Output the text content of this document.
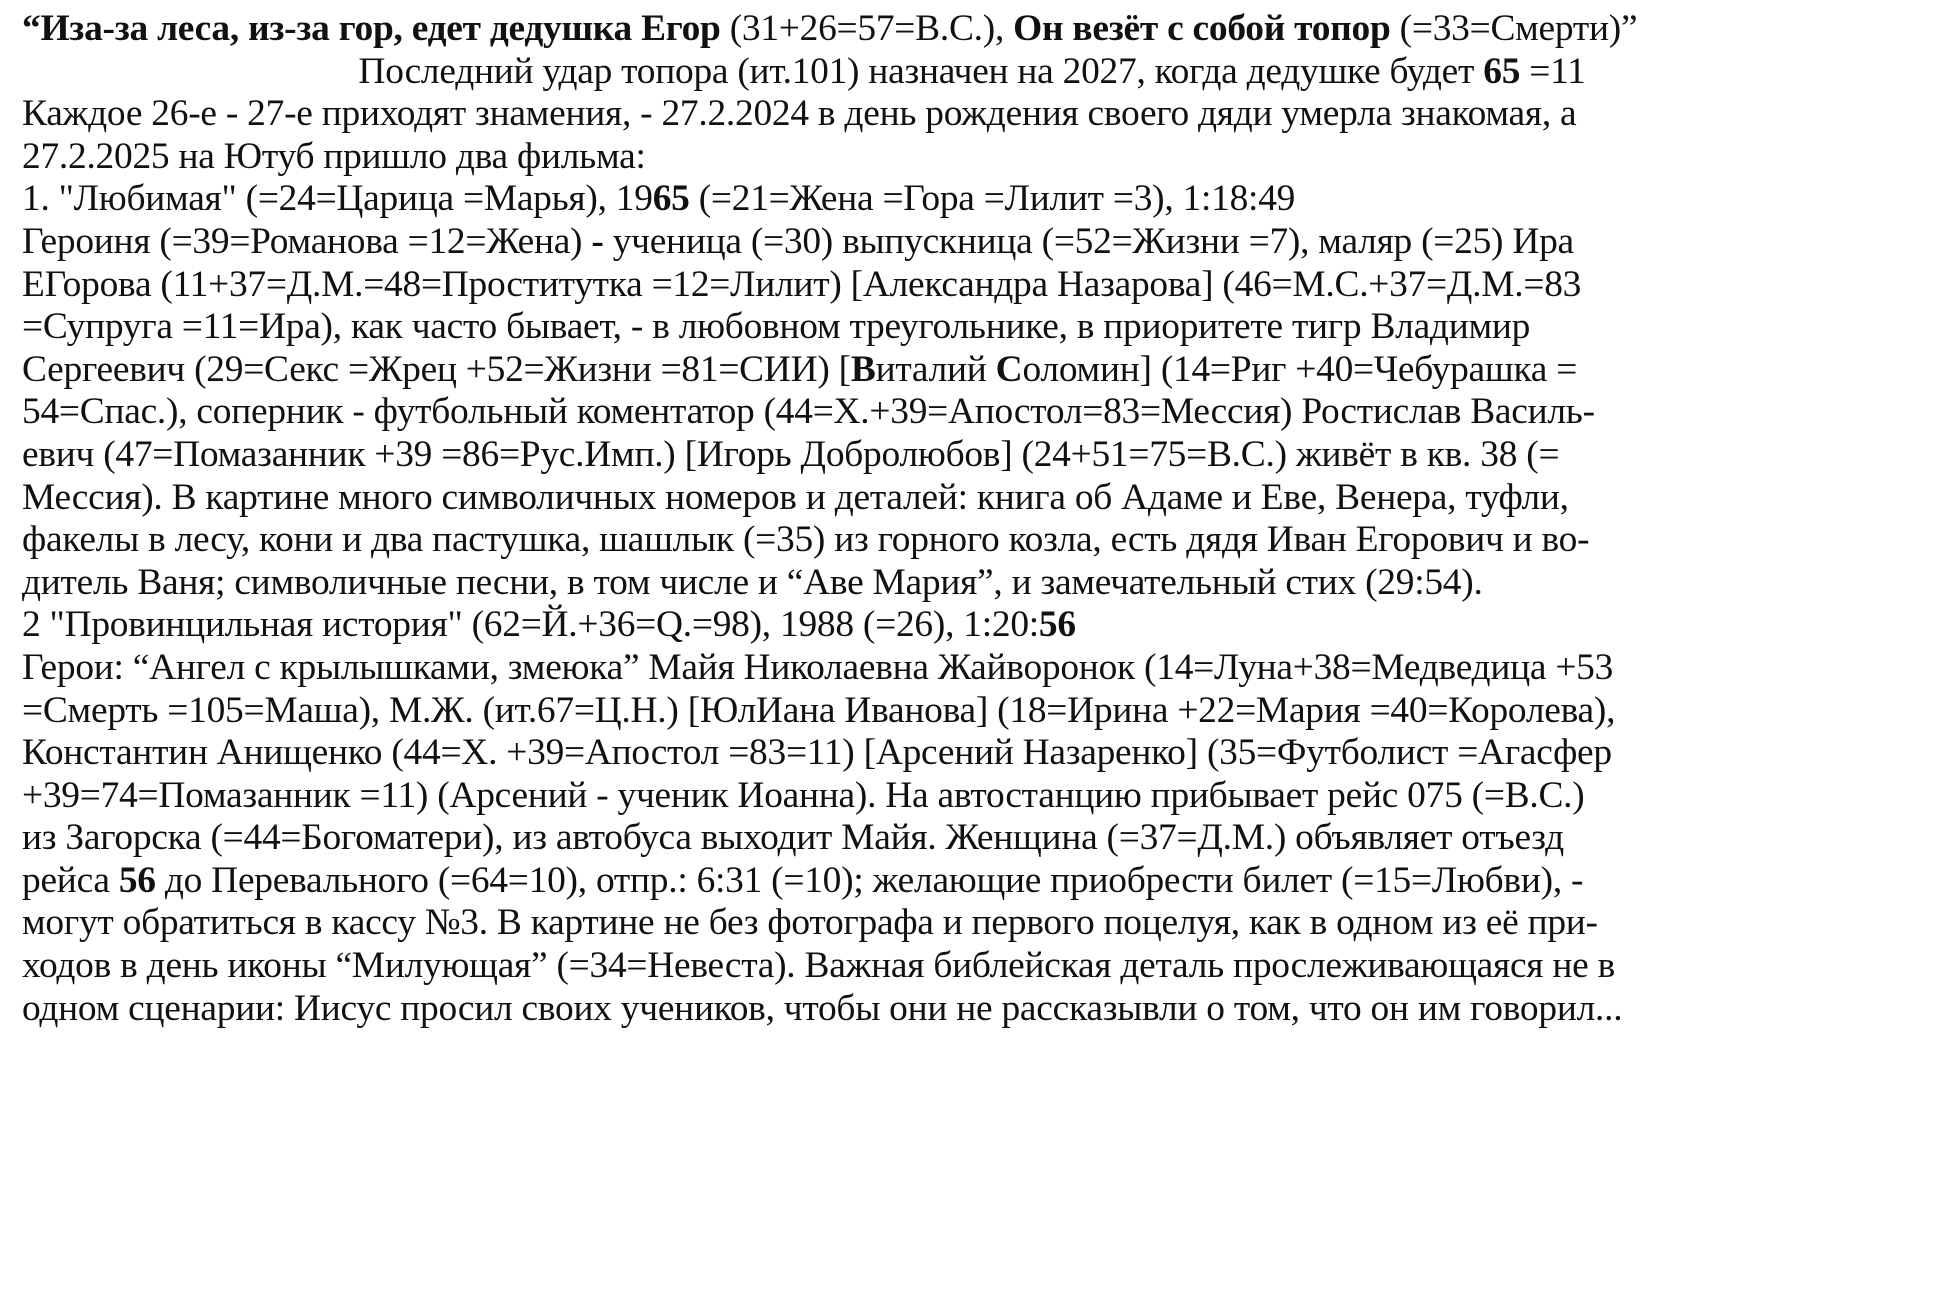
“Иза-за леса, из-за гор, едет дедушка Егор (31+26=57=В.С.), Он везёт с собой топор (=33=Смерти)”
Последний удар топора (ит.101) назначен на 2027, когда дедушке будет 65 =11
Каждое 26-е - 27-е приходят знамения, - 27.2.2024 в день рождения своего дяди умерла знакомая, а
27.2.2025 на Ютуб пришло два фильма:
1. "Любимая" (=24=Царица =Марья), 1965 (=21=Жена =Гора =Лилит =3), 1:18:49
Героиня (=39=Романова =12=Жена) - ученица (=30) выпускница (=52=Жизни =7), маляр (=25) Ира
ЕГорова (11+37=Д.М.=48=Проститутка =12=Лилит) [Александра Назарова] (46=М.С.+37=Д.М.=83
=Супруга =11=Ира), как часто бывает, - в любовном треугольнике, в приоритете тигр Владимир
Сергеевич (29=Секс =Жрец +52=Жизни =81=СИИ) [Виталий Соломин] (14=Риг +40=Чебурашка =
54=Спас.), соперник - футбольный коментатор (44=Х.+39=Апостол=83=Мессия) Ростислав Василь-
евич (47=Помазанник +39 =86=Рус.Имп.) [Игорь Добролюбов] (24+51=75=В.С.) живёт в кв. 38 (=
Мессия). В картине много символичных номеров и деталей: книга об Адаме и Еве, Венера, туфли,
факелы в лесу, кони и два пастушка, шашлык (=35) из горного козла, есть дядя Иван Егорович и во-
дитель Ваня; символичные песни, в том числе и “Аве Мария”, и замечательный стих (29:54).
2 "Провинцильная история" (62=Й.+36=Q.=98), 1988 (=26), 1:20:56
Герои: “Ангел с крылышками, змеюка” Майя Николаевна Жайворонок (14=Луна+38=Медведица +53
=Смерть =105=Маша), М.Ж. (ит.67=Ц.Н.) [ЮлИана Иванова] (18=Ирина +22=Мария =40=Королева),
Константин Анищенко (44=Х. +39=Апостол =83=11) [Арсений Назаренко] (35=Футболист =Агасфер
+39=74=Помазанник =11) (Арсений - ученик Иоанна). На автостанцию прибывает рейс 075 (=В.С.)
из Загорска (=44=Богоматери), из автобуса выходит Майя. Женщина (=37=Д.М.) объявляет отъезд
рейса 56 до Перевального (=64=10), отпр.: 6:31 (=10); желающие приобрести билет (=15=Любви), -
могут обратиться в кассу №3. В картине не без фотографа и первого поцелуя, как в одном из её при-
ходов в день иконы “Милующая” (=34=Невеста). Важная библейская деталь прослеживающаяся не в
одном сценарии: Иисус просил своих учеников, чтобы они не рассказывли о том, что он им говорил...
